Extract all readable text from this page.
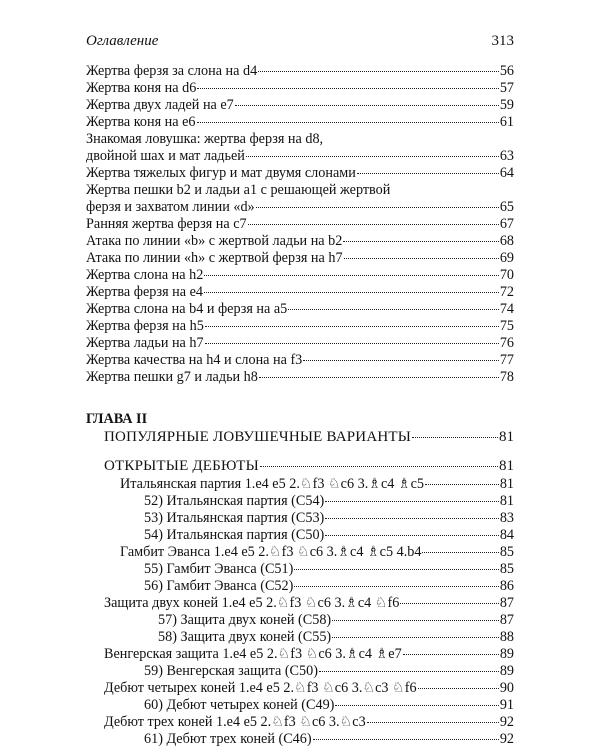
Оглавление	313
Жертва ферзя за слона на d4	56
Жертва коня на d6	57
Жертва двух ладей на е7	59
Жертва коня на е6	61
Знакомая ловушка: жертва ферзя на d8,
двойной шах и мат ладьей	63
Жертва тяжелых фигур и мат двумя слонами	64
Жертва пешки b2 и ладьи а1 с решающей жертвой
ферзя и захватом линии «d»	65
Ранняя жертва ферзя на с7	67
Атака по линии «b» с жертвой ладьи на b2	68
Атака по линии «h» с жертвой ферзя на h7	69
Жертва слона на h2	70
Жертва ферзя на е4	72
Жертва слона на b4 и ферзя на а5	74
Жертва ферзя на h5	75
Жертва ладьи на h7	76
Жертва качества на h4 и слона на f3	77
Жертва пешки g7 и ладьи h8	78
ГЛАВА II
ПОПУЛЯРНЫЕ ЛОВУШЕЧНЫЕ ВАРИАНТЫ	81
ОТКРЫТЫЕ ДЕБЮТЫ	81
Итальянская партия 1.е4 е5 2.♘f3 ♘с6 3.♗с4 ♗с5	81
52) Итальянская партия (С54)	81
53) Итальянская партия (С53)	83
54) Итальянская партия (С50)	84
Гамбит Эванса 1.е4 е5 2.♘f3 ♘с6 3.♗с4 ♗с5 4.b4	85
55) Гамбит Эванса (С51)	85
56) Гамбит Эванса (С52)	86
Защита двух коней 1.е4 е5 2.♘f3 ♘с6 3.♗с4 ♘f6	87
57) Защита двух коней (С58)	87
58) Защита двух коней (С55)	88
Венгерская защита 1.е4 е5 2.♘f3 ♘с6 3.♗с4 ♗е7	89
59) Венгерская защита (С50)	89
Дебют четырех коней 1.е4 е5 2.♘f3 ♘с6 3.♘с3 ♘f6	90
60) Дебют четырех коней (С49)	91
Дебют трех коней 1.е4 е5 2.♘f3 ♘с6 3.♘с3	92
61) Дебют трех коней (С46)	92
